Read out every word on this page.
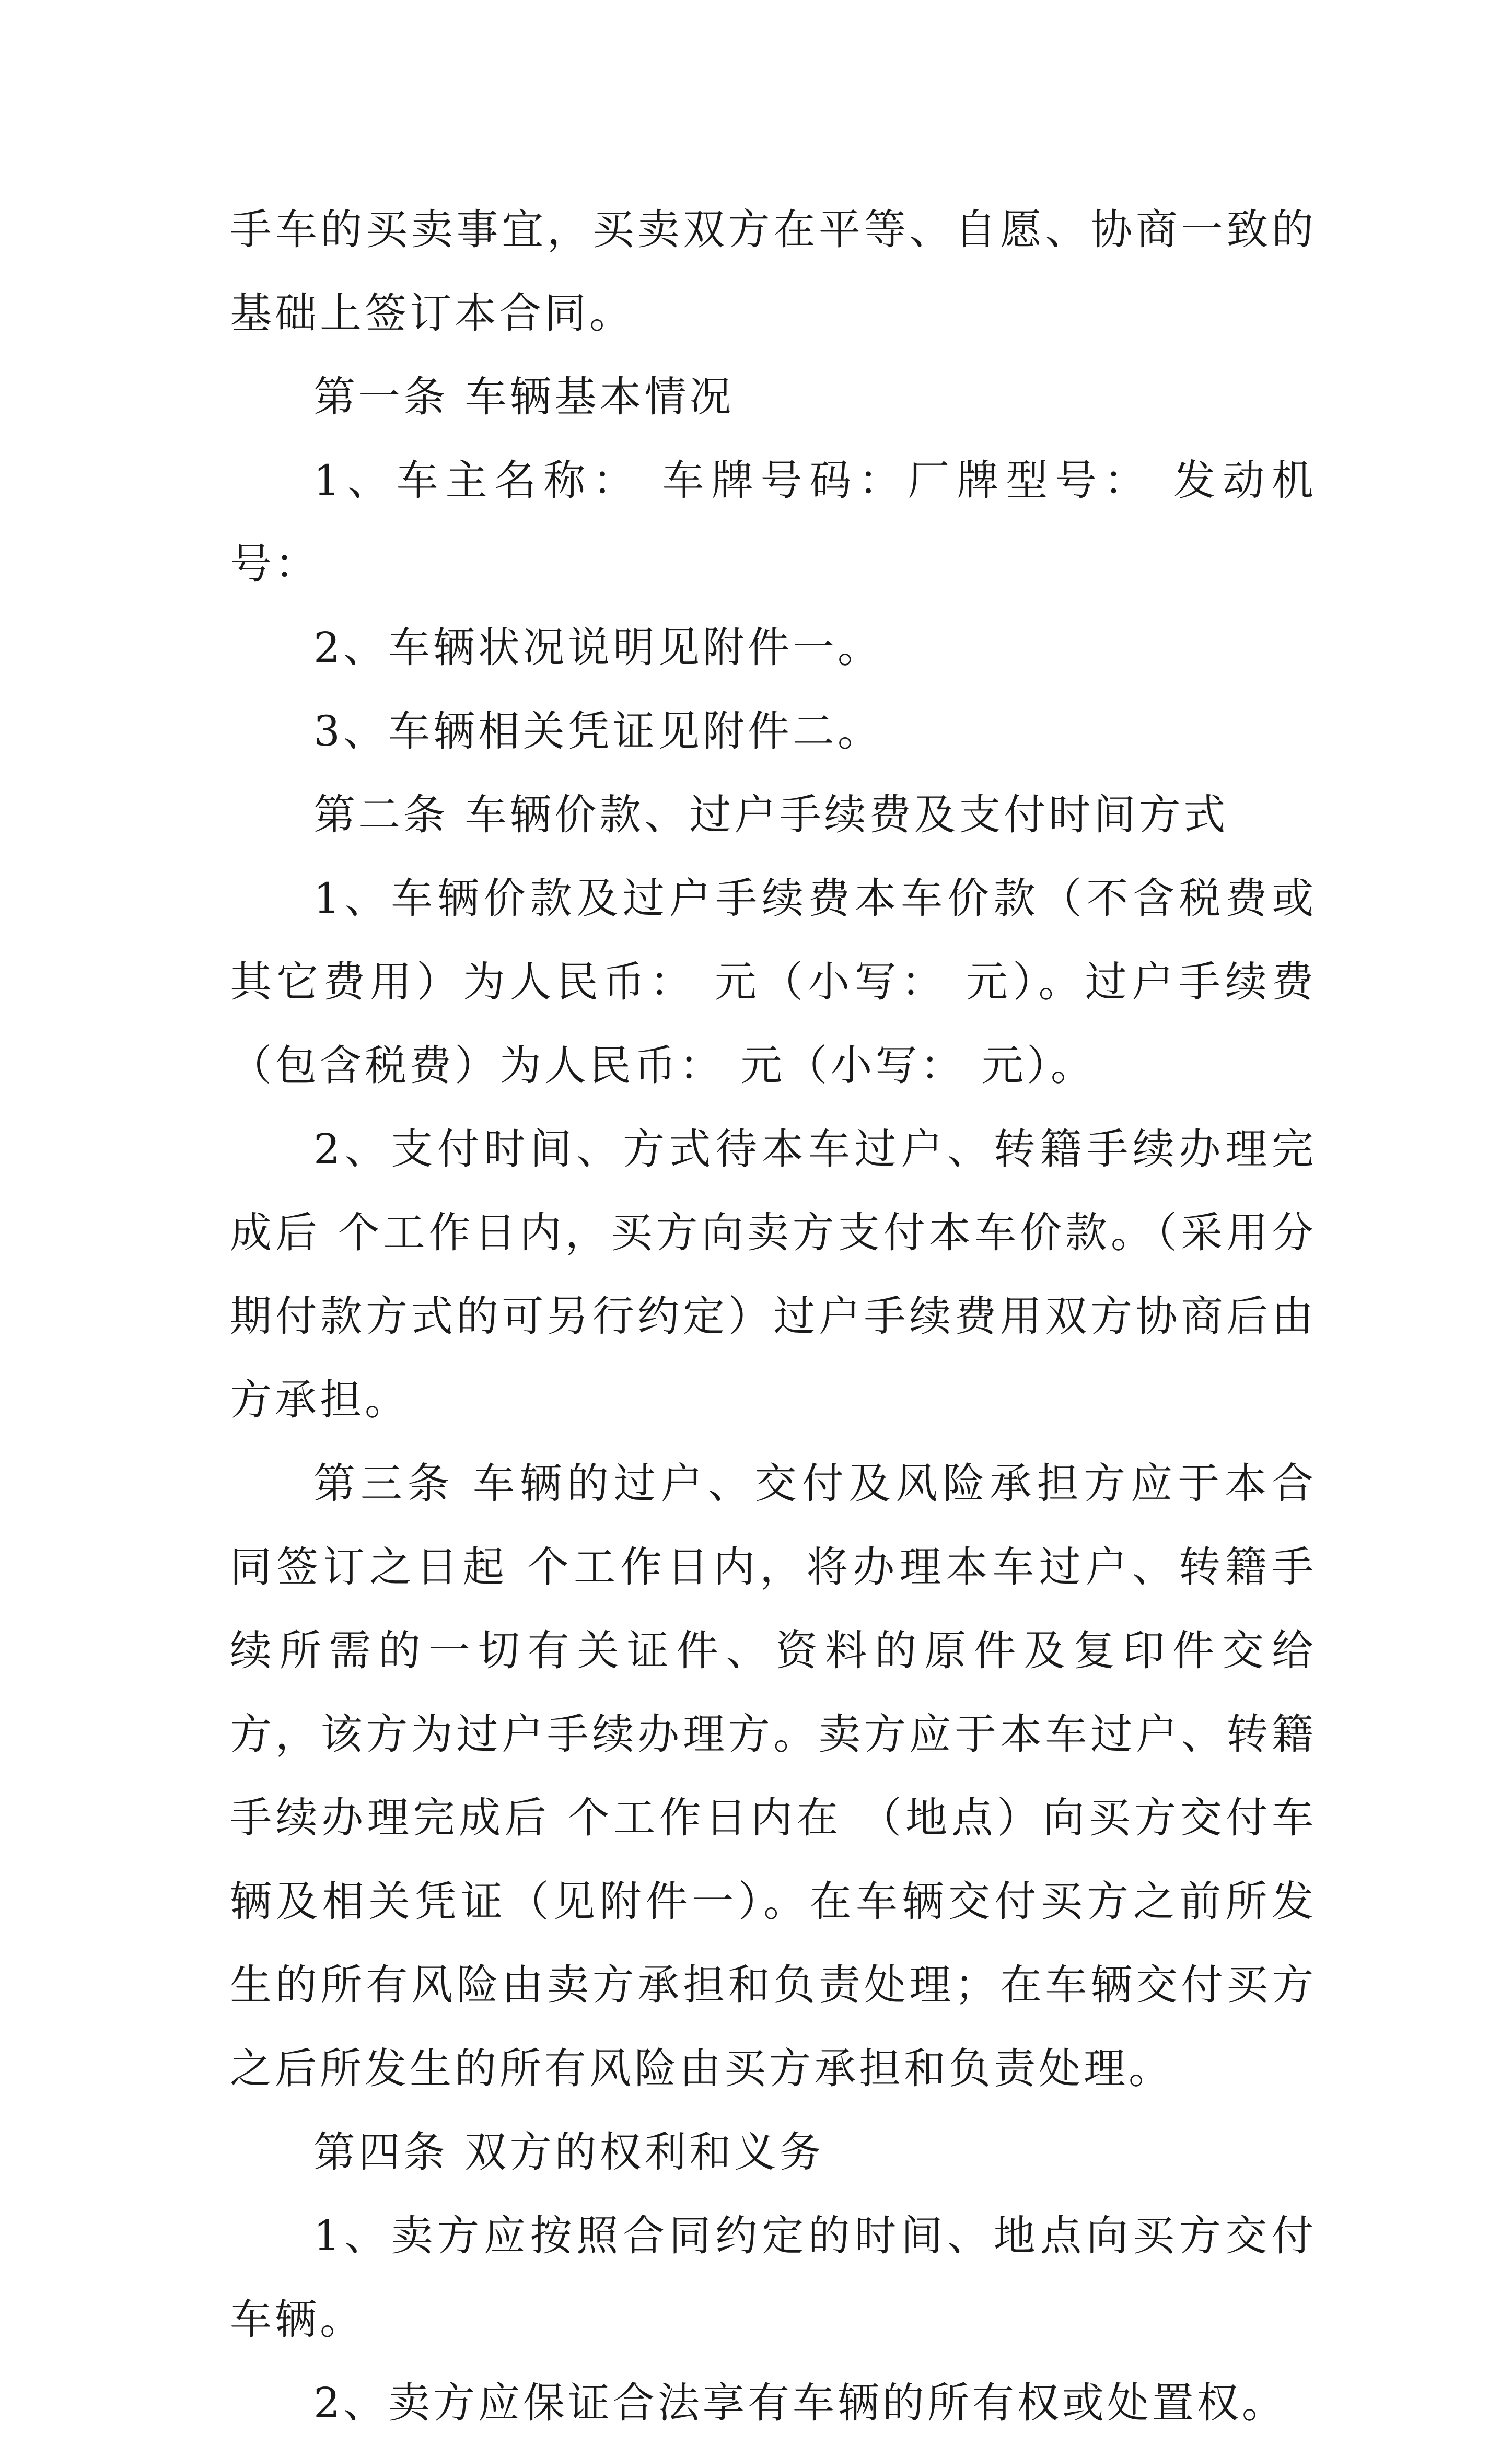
手车的买卖事宜，买卖双方在平等、自愿、协商一致的基础上签订本合同。

第一条 车辆基本情况

1、车主名称： 车牌号码：厂牌型号： 发动机号：

2、车辆状况说明见附件一。

3、车辆相关凭证见附件二。

第二条 车辆价款、过户手续费及支付时间方式

1、车辆价款及过户手续费本车价款（不含税费或其它费用）为人民币： 元（小写： 元）。过户手续费（包含税费）为人民币： 元（小写： 元）。

2、支付时间、方式待本车过户、转籍手续办理完成后 个工作日内，买方向卖方支付本车价款。（采用分期付款方式的可另行约定）过户手续费用双方协商后由 方承担。

第三条 车辆的过户、交付及风险承担方应于本合同签订之日起 个工作日内，将办理本车过户、转籍手续所需的一切有关证件、资料的原件及复印件交给 方，该方为过户手续办理方。卖方应于本车过户、转籍手续办理完成后 个工作日内在 （地点）向买方交付车辆及相关凭证（见附件一）。在车辆交付买方之前所发生的所有风险由卖方承担和负责处理；在车辆交付买方之后所发生的所有风险由买方承担和负责处理。

第四条 双方的权利和义务

1、卖方应按照合同约定的时间、地点向买方交付车辆。

2、卖方应保证合法享有车辆的所有权或处置权。
